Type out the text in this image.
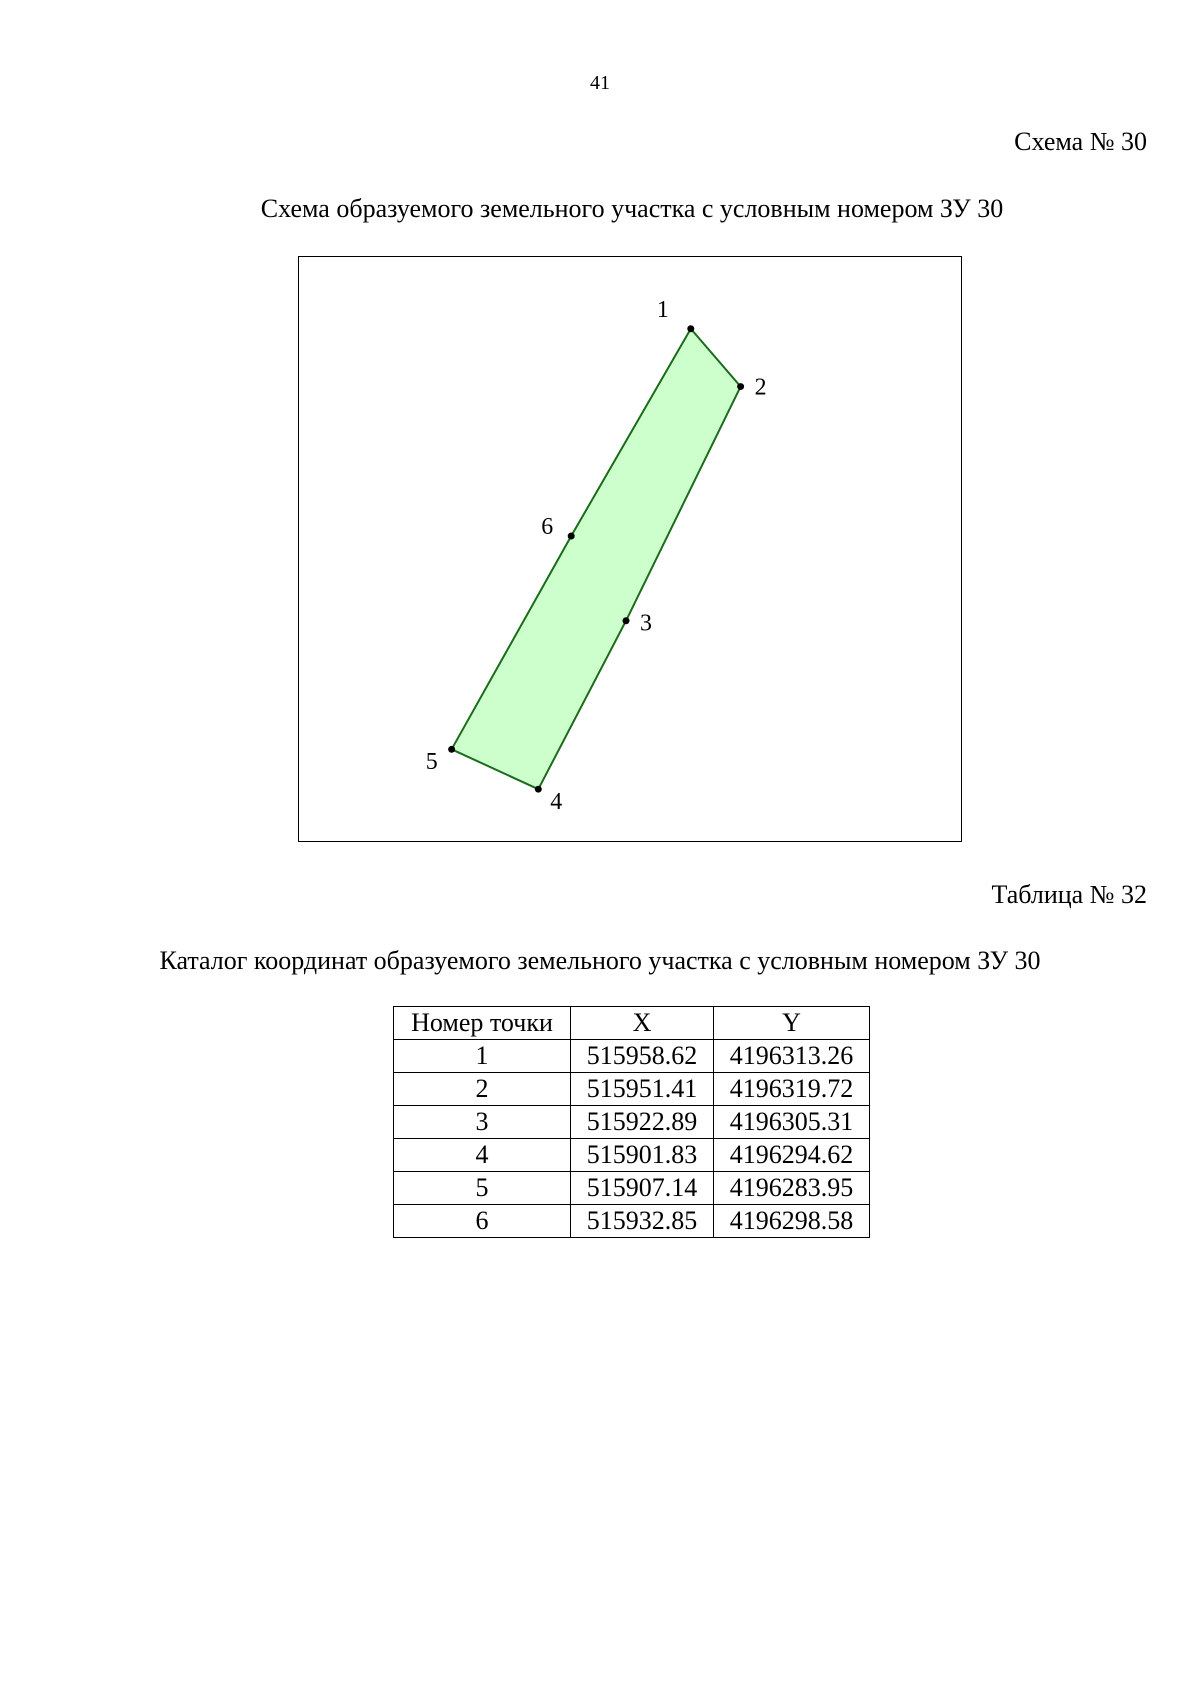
41
Схема № 30
Схема образуемого земельного участка с условным номером ЗУ 30
1
2
3
4
5
6
Таблица № 32
Каталог координат образуемого земельного участка с условным номером ЗУ 30
Номер точки	X	Y
1	515958.62	4196313.26
2	515951.41	4196319.72
3	515922.89	4196305.31
4	515901.83	4196294.62
5	515907.14	4196283.95
6	515932.85	4196298.58
